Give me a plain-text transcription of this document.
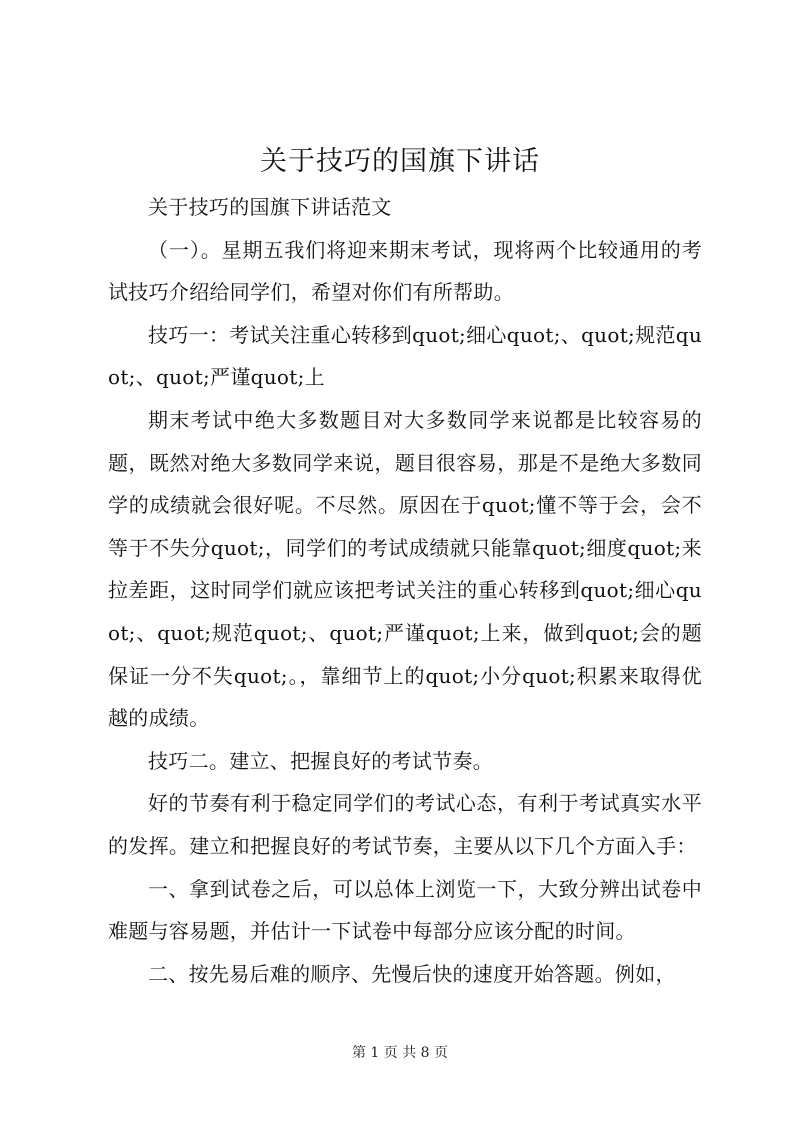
关于技巧的国旗下讲话

关于技巧的国旗下讲话范文

（一）。星期五我们将迎来期末考试，现将两个比较通用的考试技巧介绍给同学们，希望对你们有所帮助。

技巧一：考试关注重心转移到quot;细心quot;、quot;规范quot;、quot;严谨quot;上

期末考试中绝大多数题目对大多数同学来说都是比较容易的题，既然对绝大多数同学来说，题目很容易，那是不是绝大多数同学的成绩就会很好呢。不尽然。原因在于quot;懂不等于会，会不等于不失分quot;，同学们的考试成绩就只能靠quot;细度quot;来拉差距，这时同学们就应该把考试关注的重心转移到quot;细心quot;、quot;规范quot;、quot;严谨quot;上来，做到quot;会的题保证一分不失quot;。，靠细节上的quot;小分quot;积累来取得优越的成绩。

技巧二。建立、把握良好的考试节奏。

好的节奏有利于稳定同学们的考试心态，有利于考试真实水平的发挥。建立和把握良好的考试节奏，主要从以下几个方面入手：

一、拿到试卷之后，可以总体上浏览一下，大致分辨出试卷中难题与容易题，并估计一下试卷中每部分应该分配的时间。

二、按先易后难的顺序、先慢后快的速度开始答题。例如，

第 1 页 共 8 页
